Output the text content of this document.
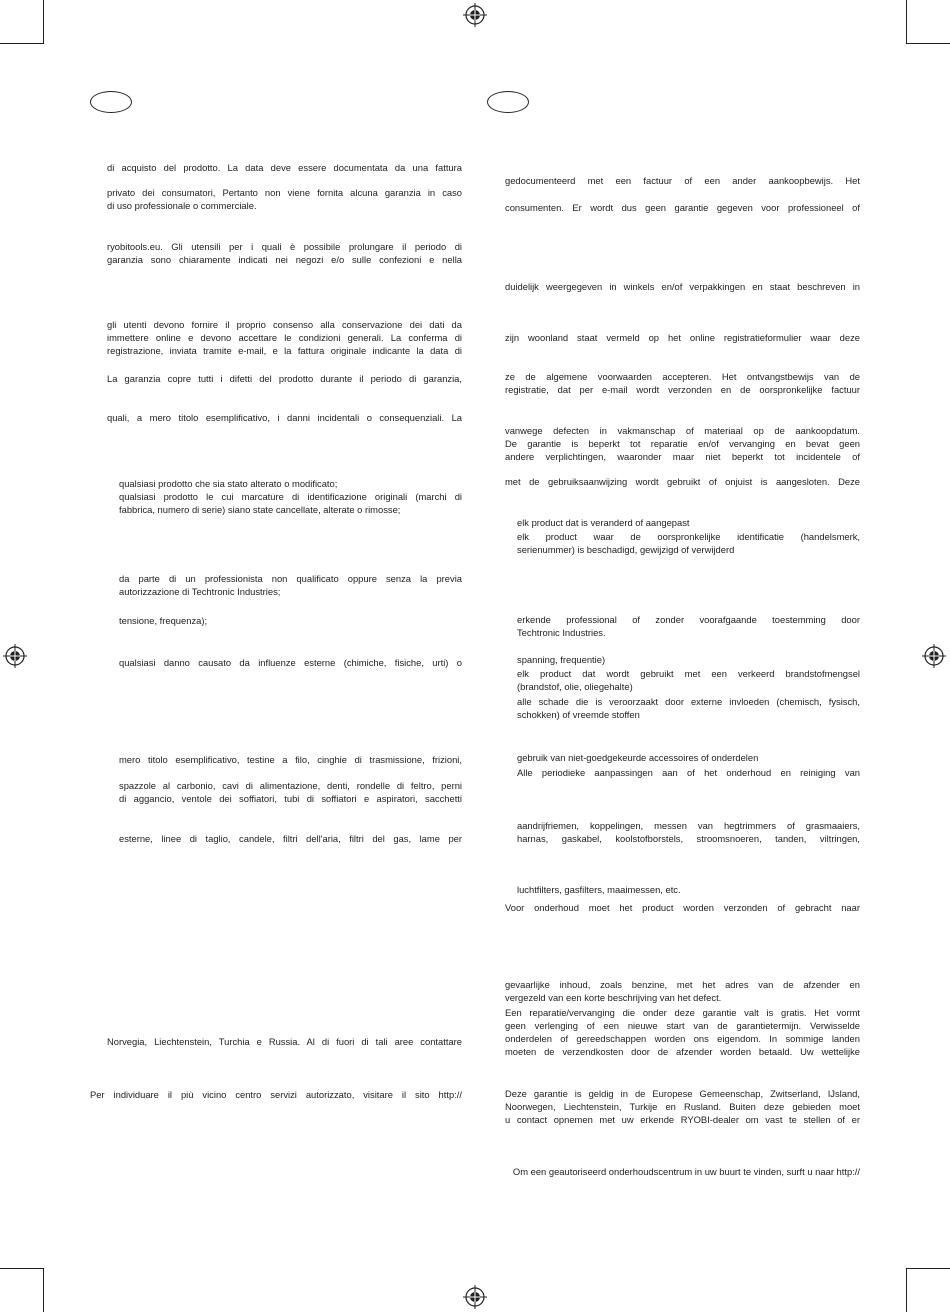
di acquisto del prodotto. La data deve essere documentata da una fattura
privato dei consumatori, Pertanto non viene fornita alcuna garanzia in caso
di uso professionale o commerciale.
ryobitools.eu. Gli utensili per i quali è possibile prolungare il periodo di
garanzia sono chiaramente indicati nei negozi e/o sulle confezioni e nella
gli utenti devono fornire il proprio consenso alla conservazione dei dati da
immettere online e devono accettare le condizioni generali. La conferma di
registrazione, inviata tramite e-mail, e la fattura originale indicante la data di
La garanzia copre tutti i difetti del prodotto durante il periodo di garanzia,
quali, a mero titolo esemplificativo, i danni incidentali o consequenziali. La
qualsiasi prodotto che sia stato alterato o modificato;
qualsiasi prodotto le cui marcature di identificazione originali (marchi di
fabbrica, numero di serie) siano state cancellate, alterate o rimosse;
da parte di un professionista non qualificato oppure senza la previa
autorizzazione di Techtronic Industries;
tensione, frequenza);
qualsiasi danno causato da influenze esterne (chimiche, fisiche, urti) o
mero titolo esemplificativo, testine a filo, cinghie di trasmissione, frizioni,
spazzole al carbonio, cavi di alimentazione, denti, rondelle di feltro, perni
di aggancio, ventole dei soffiatori, tubi di soffiatori e aspiratori, sacchetti
esterne, linee di taglio, candele, filtri dell'aria, filtri del gas, lame per
Norvegia, Liechtenstein, Turchia e Russia. Al di fuori di tali aree contattare
Per individuare il più vicino centro servizi autorizzato, visitare il sito http://
gedocumenteerd met een factuur of een ander aankoopbewijs. Het
consumenten. Er wordt dus geen garantie gegeven voor professioneel of
duidelijk weergegeven in winkels en/of verpakkingen en staat beschreven in
zijn woonland staat vermeld op het online registratieformulier waar deze
ze de algemene voorwaarden accepteren. Het ontvangstbewijs van de
registratie, dat per e-mail wordt verzonden en de oorspronkelijke factuur
vanwege defecten in vakmanschap of materiaal op de aankoopdatum.
De garantie is beperkt tot reparatie en/of vervanging en bevat geen
andere verplichtingen, waaronder maar niet beperkt tot incidentele of
met de gebruiksaanwijzing wordt gebruikt of onjuist is aangesloten. Deze
elk product dat is veranderd of aangepast
elk product waar de oorspronkelijke identificatie (handelsmerk,
serienummer) is beschadigd, gewijzigd of verwijderd
erkende professional of zonder voorafgaande toestemming door
Techtronic Industries.
spanning, frequentie)
elk product dat wordt gebruikt met een verkeerd brandstofmengsel
(brandstof, olie, oliegehalte)
alle schade die is veroorzaakt door externe invloeden (chemisch, fysisch,
schokken) of vreemde stoffen
gebruik van niet-goedgekeurde accessoires of onderdelen
Alle periodieke aanpassingen aan of het onderhoud en reiniging van
aandrijfriemen, koppelingen, messen van hegtrimmers of grasmaaiers,
harnas, gaskabel, koolstofborstels, stroomsnoeren, tanden, viltringen,
luchtfilters, gasfilters, maaimessen, etc.
Voor onderhoud moet het product worden verzonden of gebracht naar
gevaarlijke inhoud, zoals benzine, met het adres van de afzender en
vergezeld van een korte beschrijving van het defect.
Een reparatie/vervanging die onder deze garantie valt is gratis. Het vormt
geen verlenging of een nieuwe start van de garantietermijn. Verwisselde
onderdelen of gereedschappen worden ons eigendom. In sommige landen
moeten de verzendkosten door de afzender worden betaald. Uw wettelijke
Deze garantie is geldig in de Europese Gemeenschap, Zwitserland, IJsland,
Noorwegen, Liechtenstein, Turkije en Rusland. Buiten deze gebieden moet
u contact opnemen met uw erkende RYOBI-dealer om vast te stellen of er
Om een geautoriseerd onderhoudscentrum in uw buurt te vinden, surft u naar http://
